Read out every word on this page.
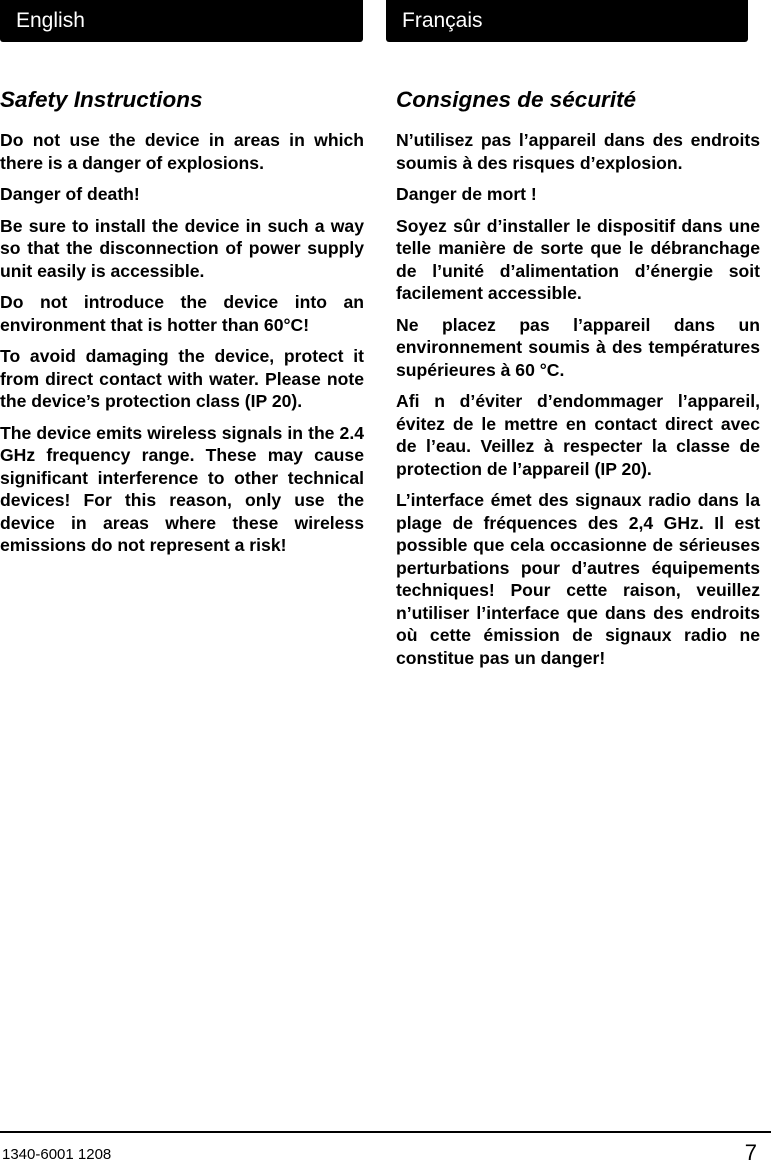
English	Français
Safety Instructions

Do not use the device in areas in which there is a danger of explosions.

Danger of death!

Be sure to install the device in such a way so that the disconnection of power supply unit easily is accessible.

Do not introduce the device into an environment that is hotter than 60°C!

To avoid damaging the device, protect it from direct contact with water. Please note the device’s protection class (IP 20).

The device emits wireless signals in the 2.4 GHz frequency range. These may cause significant interference to other technical devices! For this reason, only use the device in areas where these wireless emissions do not represent a risk!

Consignes de sécurité

N’utilisez pas l’appareil dans des endroits soumis à des risques d’explosion.

Danger de mort !

Soyez sûr d’installer le dispositif dans une telle manière de sorte que le débranchage de l’unité d’alimentation d’énergie soit facilement accessible.

Ne placez pas l’appareil dans un environnement soumis à des températures supérieures à 60 °C.

Afi n d’éviter d’endommager l’appareil, évitez de le mettre en contact direct avec de l’eau. Veillez à respecter la classe de protection de l’appareil (IP 20).

L’interface émet des signaux radio dans la plage de fréquences des 2,4 GHz. Il est possible que cela occasionne de sérieuses perturbations pour d’autres équipements techniques! Pour cette raison, veuillez n’utiliser l’interface que dans des endroits où cette émission de signaux radio ne constitue pas un danger!

1340-6001 1208	7
